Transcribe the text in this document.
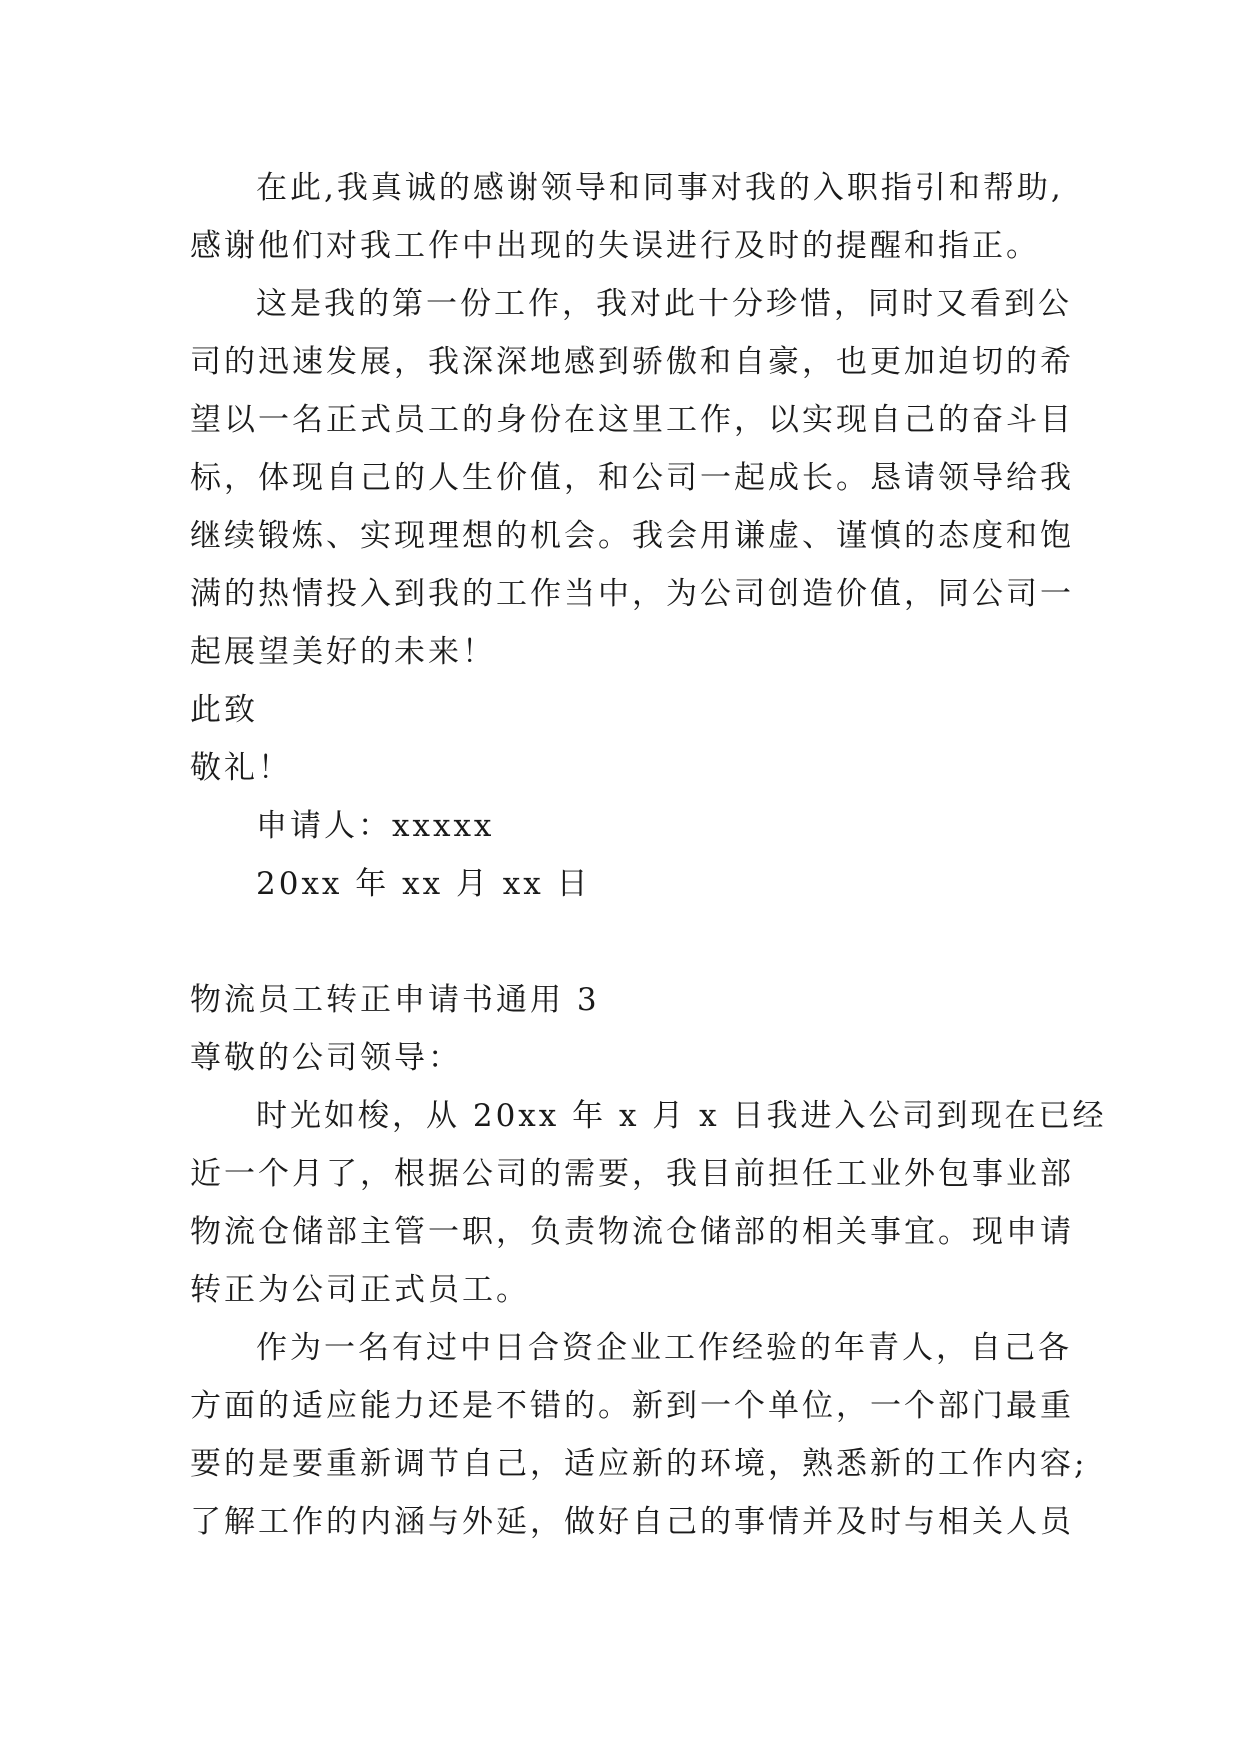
在此,我真诚的感谢领导和同事对我的入职指引和帮助,
感谢他们对我工作中出现的失误进行及时的提醒和指正。
这是我的第一份工作，我对此十分珍惜，同时又看到公
司的迅速发展，我深深地感到骄傲和自豪，也更加迫切的希
望以一名正式员工的身份在这里工作，以实现自己的奋斗目
标，体现自己的人生价值，和公司一起成长。恳请领导给我
继续锻炼、实现理想的机会。我会用谦虚、谨慎的态度和饱
满的热情投入到我的工作当中，为公司创造价值，同公司一
起展望美好的未来！
此致
敬礼！
申请人：xxxxx
20xx 年 xx 月 xx 日
物流员工转正申请书通用 3
尊敬的公司领导：
时光如梭，从 20xx 年 x 月 x 日我进入公司到现在已经
近一个月了，根据公司的需要，我目前担任工业外包事业部
物流仓储部主管一职，负责物流仓储部的相关事宜。现申请
转正为公司正式员工。
作为一名有过中日合资企业工作经验的年青人，自己各
方面的适应能力还是不错的。新到一个单位，一个部门最重
要的是要重新调节自己，适应新的环境，熟悉新的工作内容;
了解工作的内涵与外延，做好自己的事情并及时与相关人员
